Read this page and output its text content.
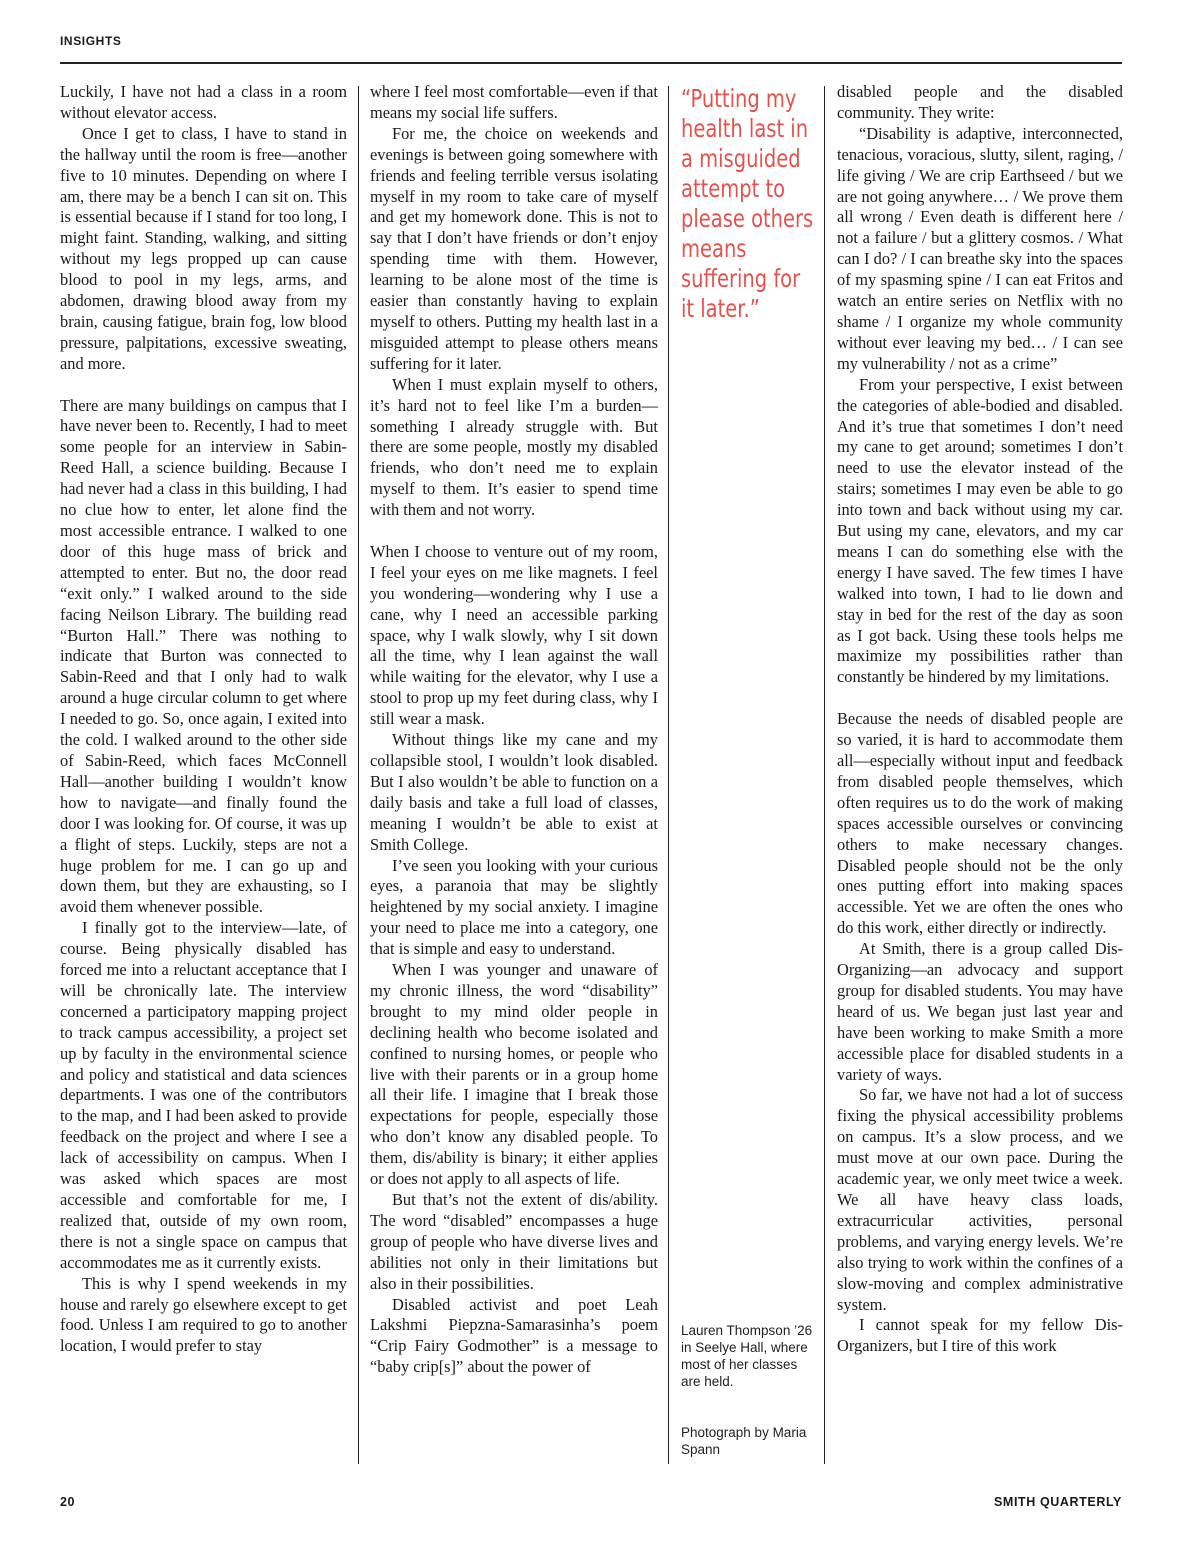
INSIGHTS

Luckily, I have not had a class in a room without elevator access.

Once I get to class, I have to stand in the hallway until the room is free—another five to 10 minutes. Depending on where I am, there may be a bench I can sit on. This is essential because if I stand for too long, I might faint. Standing, walking, and sitting without my legs propped up can cause blood to pool in my legs, arms, and abdomen, drawing blood away from my brain, causing fatigue, brain fog, low blood pressure, palpitations, excessive sweating, and more.

There are many buildings on campus that I have never been to. Recently, I had to meet some people for an interview in Sabin-Reed Hall, a science building. Because I had never had a class in this building, I had no clue how to enter, let alone find the most accessible entrance. I walked to one door of this huge mass of brick and attempted to enter. But no, the door read “exit only.” I walked around to the side facing Neilson Library. The building read “Burton Hall.” There was nothing to indicate that Burton was connected to Sabin-Reed and that I only had to walk around a huge circular column to get where I needed to go. So, once again, I exited into the cold. I walked around to the other side of Sabin-Reed, which faces McConnell Hall—another building I wouldn’t know how to navigate—and finally found the door I was looking for. Of course, it was up a flight of steps. Luckily, steps are not a huge problem for me. I can go up and down them, but they are exhausting, so I avoid them whenever possible.

I finally got to the interview—late, of course. Being physically disabled has forced me into a reluctant acceptance that I will be chronically late. The interview concerned a participatory mapping project to track campus accessibility, a project set up by faculty in the environmental science and policy and statistical and data sciences departments. I was one of the contributors to the map, and I had been asked to provide feedback on the project and where I see a lack of accessibility on campus. When I was asked which spaces are most accessible and comfortable for me, I realized that, outside of my own room, there is not a single space on campus that accommodates me as it currently exists.

This is why I spend weekends in my house and rarely go elsewhere except to get food. Unless I am required to go to another location, I would prefer to stay

where I feel most comfortable—even if that means my social life suffers.

For me, the choice on weekends and evenings is between going somewhere with friends and feeling terrible versus isolating myself in my room to take care of myself and get my homework done. This is not to say that I don’t have friends or don’t enjoy spending time with them. However, learning to be alone most of the time is easier than constantly having to explain myself to others. Putting my health last in a misguided attempt to please others means suffering for it later.

When I must explain myself to others, it’s hard not to feel like I’m a burden—something I already struggle with. But there are some people, mostly my disabled friends, who don’t need me to explain myself to them. It’s easier to spend time with them and not worry.

When I choose to venture out of my room, I feel your eyes on me like magnets. I feel you wondering—wondering why I use a cane, why I need an accessible parking space, why I walk slowly, why I sit down all the time, why I lean against the wall while waiting for the elevator, why I use a stool to prop up my feet during class, why I still wear a mask.

Without things like my cane and my collapsible stool, I wouldn’t look disabled. But I also wouldn’t be able to function on a daily basis and take a full load of classes, meaning I wouldn’t be able to exist at Smith College.

I’ve seen you looking with your curious eyes, a paranoia that may be slightly heightened by my social anxiety. I imagine your need to place me into a category, one that is simple and easy to understand.

When I was younger and unaware of my chronic illness, the word “disability” brought to my mind older people in declining health who become isolated and confined to nursing homes, or people who live with their parents or in a group home all their life. I imagine that I break those expectations for people, especially those who don’t know any disabled people. To them, dis/ability is binary; it either applies or does not apply to all aspects of life.

But that’s not the extent of dis/ability. The word “disabled” encompasses a huge group of people who have diverse lives and abilities not only in their limitations but also in their possibilities.

Disabled activist and poet Leah Lakshmi Piepzna-Samarasinha’s poem “Crip Fairy Godmother” is a message to “baby crip[s]” about the power of

“Putting my health last in a misguided attempt to please others means suffering for it later.”
Lauren Thompson ’26 in Seelye Hall, where most of her classes are held.
Photograph by Maria Spann

disabled people and the disabled community. They write:

“Disability is adaptive, interconnected, tenacious, voracious, slutty, silent, raging, / life giving / We are crip Earthseed / but we are not going anywhere… / We prove them all wrong / Even death is different here / not a failure / but a glittery cosmos. / What can I do? / I can breathe sky into the spaces of my spasming spine / I can eat Fritos and watch an entire series on Netflix with no shame / I organize my whole community without ever leaving my bed… / I can see my vulnerability / not as a crime”

From your perspective, I exist between the categories of able-bodied and disabled. And it’s true that sometimes I don’t need my cane to get around; sometimes I don’t need to use the elevator instead of the stairs; sometimes I may even be able to go into town and back without using my car. But using my cane, elevators, and my car means I can do something else with the energy I have saved. The few times I have walked into town, I had to lie down and stay in bed for the rest of the day as soon as I got back. Using these tools helps me maximize my possibilities rather than constantly be hindered by my limitations.

Because the needs of disabled people are so varied, it is hard to accommodate them all—especially without input and feedback from disabled people themselves, which often requires us to do the work of making spaces accessible ourselves or convincing others to make necessary changes. Disabled people should not be the only ones putting effort into making spaces accessible. Yet we are often the ones who do this work, either directly or indirectly.

At Smith, there is a group called Dis-Organizing—an advocacy and support group for disabled students. You may have heard of us. We began just last year and have been working to make Smith a more accessible place for disabled students in a variety of ways.

So far, we have not had a lot of success fixing the physical accessibility problems on campus. It’s a slow process, and we must move at our own pace. During the academic year, we only meet twice a week. We all have heavy class loads, extracurricular activities, personal problems, and varying energy levels. We’re also trying to work within the confines of a slow-moving and complex administrative system.

I cannot speak for my fellow Dis-Organizers, but I tire of this work

20	SMITH QUARTERLY
